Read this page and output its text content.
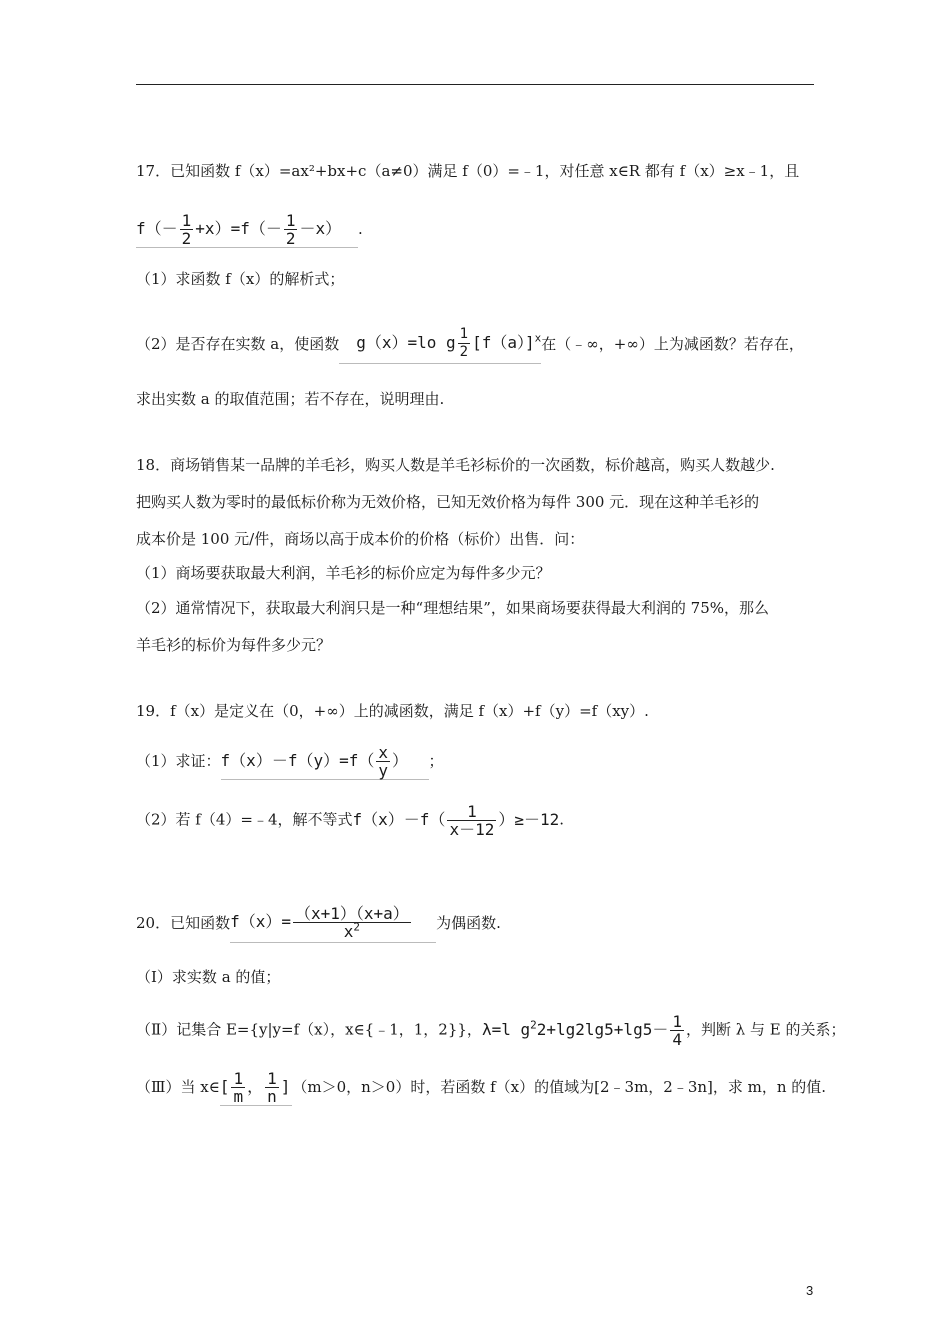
17．已知函数 f（x）=ax²+bx+c（a≠0）满足 f（0）=﹣1，对任意 x∈R 都有 f（x）≥x﹣1，且
$f(- \frac{1}{2} +x)=f(- \frac{1}{2} -x)$ .
（1）求函数 f（x）的解析式；
（2）是否存在实数 a，使函数 g（x）=lo g $\frac{1}{2} [f(a)]^x$在（﹣∞，+∞）上为减函数？若存在，
求出实数 a 的取值范围；若不存在，说明理由.
18．商场销售某一品牌的羊毛衫，购买人数是羊毛衫标价的一次函数，标价越高，购买人数越少.
把购买人数为零时的最低标价称为无效价格，已知无效价格为每件 300 元．现在这种羊毛衫的
成本价是 100 元/件，商场以高于成本价的价格（标价）出售．问：
（1）商场要获取最大利润，羊毛衫的标价应定为每件多少元？
（2）通常情况下，获取最大利润只是一种“理想结果”，如果商场要获得最大利润的 75%，那么
羊毛衫的标价为每件多少元？
19．f（x）是定义在（0，+∞）上的减函数，满足 f（x）+f（y）=f（xy）.
（1）求证：$f(x)-f(y)=f( \frac{x}{y}$ ） ；
（2）若 f（4）=﹣4，解不等式$f(x)-f( \frac{1}{x-12} )\ge-12$.
20．已知函数$f(x)= \frac{(x+1)(x+a)}{x^2}$ 为偶函数.
（Ⅰ）求实数 a 的值；
（Ⅱ）记集合 E={y|y=f（x），x∈{﹣1，1，2}}，λ=l $g^22+\lg 2\lg 5+\lg 5- \frac{1}{4}$ ，判断 λ 与 E 的关系；
（Ⅲ）当 x∈[ $\frac{1}{m}$ ， $\frac{1}{n}$ ] （m＞0，n＞0）时，若函数 f（x）的值域为[2﹣3m，2﹣3n]，求 m，n 的值.
3
